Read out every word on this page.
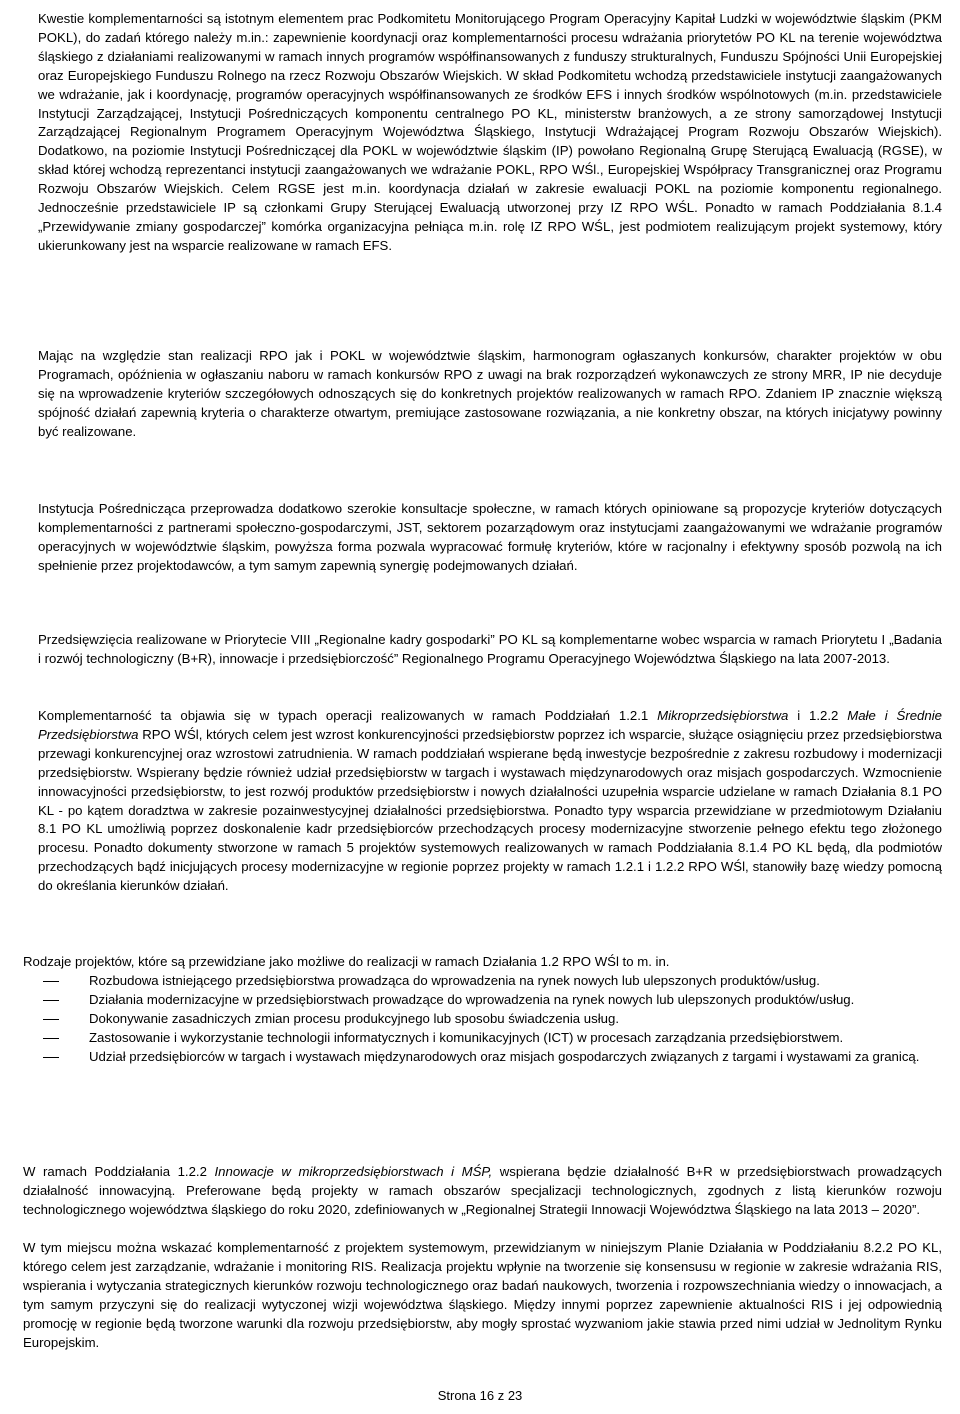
Kwestie komplementarności są istotnym elementem prac Podkomitetu Monitorującego Program Operacyjny Kapitał Ludzki w województwie śląskim (PKM POKL), do zadań którego należy m.in.: zapewnienie koordynacji oraz komplementarności procesu wdrażania priorytetów PO KL na terenie województwa śląskiego z działaniami realizowanymi w ramach innych programów współfinansowanych z funduszy strukturalnych, Funduszu Spójności Unii Europejskiej oraz Europejskiego Funduszu Rolnego na rzecz Rozwoju Obszarów Wiejskich. W skład Podkomitetu wchodzą przedstawiciele instytucji zaangażowanych we wdrażanie, jak i koordynację, programów operacyjnych współfinansowanych ze środków EFS i innych środków wspólnotowych (m.in. przedstawiciele Instytucji Zarządzającej, Instytucji Pośredniczących komponentu centralnego PO KL, ministerstw branżowych, a ze strony samorządowej Instytucji Zarządzającej Regionalnym Programem Operacyjnym Województwa Śląskiego, Instytucji Wdrażającej Program Rozwoju Obszarów Wiejskich). Dodatkowo, na poziomie Instytucji Pośredniczącej dla POKL w województwie śląskim (IP) powołano Regionalną Grupę Sterującą Ewaluacją (RGSE), w skład której wchodzą reprezentanci instytucji zaangażowanych we wdrażanie POKL, RPO WŚl., Europejskiej Współpracy Transgranicznej oraz Programu Rozwoju Obszarów Wiejskich. Celem RGSE jest m.in. koordynacja działań w zakresie ewaluacji POKL na poziomie komponentu regionalnego. Jednocześnie przedstawiciele IP są członkami Grupy Sterującej Ewaluacją utworzonej przy IZ RPO WŚL. Ponadto w ramach Poddziałania 8.1.4 „Przewidywanie zmiany gospodarczej” komórka organizacyjna pełniąca m.in. rolę IZ RPO WŚL, jest podmiotem realizującym projekt systemowy, który ukierunkowany jest na wsparcie realizowane w ramach EFS.

Mając na względzie stan realizacji RPO jak i POKL w województwie śląskim, harmonogram ogłaszanych konkursów, charakter projektów w obu Programach, opóźnienia w ogłaszaniu naboru w ramach konkursów RPO z uwagi na brak rozporządzeń wykonawczych ze strony MRR, IP nie decyduje się na wprowadzenie kryteriów szczegółowych odnoszących się do konkretnych projektów realizowanych w ramach RPO. Zdaniem IP znacznie większą spójność działań zapewnią kryteria o charakterze otwartym, premiujące zastosowane rozwiązania, a nie konkretny obszar, na których inicjatywy powinny być realizowane.

Instytucja Pośrednicząca przeprowadza dodatkowo szerokie konsultacje społeczne, w ramach których opiniowane są propozycje kryteriów dotyczących komplementarności z partnerami społeczno-gospodarczymi, JST, sektorem pozarządowym oraz instytucjami zaangażowanymi we wdrażanie programów operacyjnych w województwie śląskim, powyższa forma pozwala wypracować formułę kryteriów, które w racjonalny i efektywny sposób pozwolą na ich spełnienie przez projektodawców, a tym samym zapewnią synergię podejmowanych działań.

Przedsięwzięcia realizowane w Priorytecie VIII „Regionalne kadry gospodarki” PO KL są komplementarne wobec wsparcia w ramach Priorytetu I „Badania i rozwój technologiczny (B+R), innowacje i przedsiębiorczość” Regionalnego Programu Operacyjnego Województwa Śląskiego na lata 2007-2013.

Komplementarność ta objawia się w typach operacji realizowanych w ramach Poddziałań 1.2.1 Mikroprzedsiębiorstwa i 1.2.2 Małe i Średnie Przedsiębiorstwa RPO WŚl, których celem jest wzrost konkurencyjności przedsiębiorstw poprzez ich wsparcie, służące osiągnięciu przez przedsiębiorstwa przewagi konkurencyjnej oraz wzrostowi zatrudnienia. W ramach poddziałań wspierane będą inwestycje bezpośrednie z zakresu rozbudowy i modernizacji przedsiębiorstw. Wspierany będzie również udział przedsiębiorstw w targach i wystawach międzynarodowych oraz misjach gospodarczych. Wzmocnienie innowacyjności przedsiębiorstw, to jest rozwój produktów przedsiębiorstw i nowych działalności uzupełnia wsparcie udzielane w ramach Działania 8.1 PO KL - po kątem doradztwa w zakresie pozainwestycyjnej działalności przedsiębiorstwa. Ponadto typy wsparcia przewidziane w przedmiotowym Działaniu 8.1 PO KL umożliwią poprzez doskonalenie kadr przedsiębiorców przechodzących procesy modernizacyjne stworzenie pełnego efektu tego złożonego procesu. Ponadto dokumenty stworzone w ramach 5 projektów systemowych realizowanych w ramach Poddziałania 8.1.4 PO KL będą, dla podmiotów przechodzących bądź inicjujących procesy modernizacyjne w regionie poprzez projekty w ramach 1.2.1 i 1.2.2 RPO WŚl, stanowiły bazę wiedzy pomocną do określania kierunków działań.

Rodzaje projektów, które są przewidziane jako możliwe do realizacji w ramach Działania 1.2 RPO WŚl to m. in.

Rozbudowa istniejącego przedsiębiorstwa prowadząca do wprowadzenia na rynek nowych lub ulepszonych produktów/usług.
Działania modernizacyjne w przedsiębiorstwach prowadzące do wprowadzenia na rynek nowych lub ulepszonych produktów/usług.
Dokonywanie zasadniczych zmian procesu produkcyjnego lub sposobu świadczenia usług.
Zastosowanie i wykorzystanie technologii informatycznych i komunikacyjnych (ICT) w procesach zarządzania przedsiębiorstwem.
Udział przedsiębiorców w targach i wystawach międzynarodowych oraz misjach gospodarczych związanych z targami i wystawami za granicą.

W ramach Poddziałania 1.2.2 Innowacje w mikroprzedsiębiorstwach i MŚP, wspierana będzie działalność B+R w przedsiębiorstwach prowadzących działalność innowacyjną. Preferowane będą projekty w ramach obszarów specjalizacji technologicznych, zgodnych z listą kierunków rozwoju technologicznego województwa śląskiego do roku 2020, zdefiniowanych w „Regionalnej Strategii Innowacji Województwa Śląskiego na lata 2013 – 2020”.

W tym miejscu można wskazać komplementarność z projektem systemowym, przewidzianym w niniejszym Planie Działania w Poddziałaniu 8.2.2 PO KL, którego celem jest zarządzanie, wdrażanie i monitoring RIS. Realizacja projektu wpłynie na tworzenie się konsensusu w regionie w zakresie wdrażania RIS, wspierania i wytyczania strategicznych kierunków rozwoju technologicznego oraz badań naukowych, tworzenia i rozpowszechniania wiedzy o innowacjach, a tym samym przyczyni się do realizacji wytyczonej wizji województwa śląskiego. Między innymi poprzez zapewnienie aktualności RIS i jej odpowiednią promocję w regionie będą tworzone warunki dla rozwoju przedsiębiorstw, aby mogły sprostać wyzwaniom jakie stawia przed nimi udział w Jednolitym Rynku Europejskim.

Strona 16 z 23
